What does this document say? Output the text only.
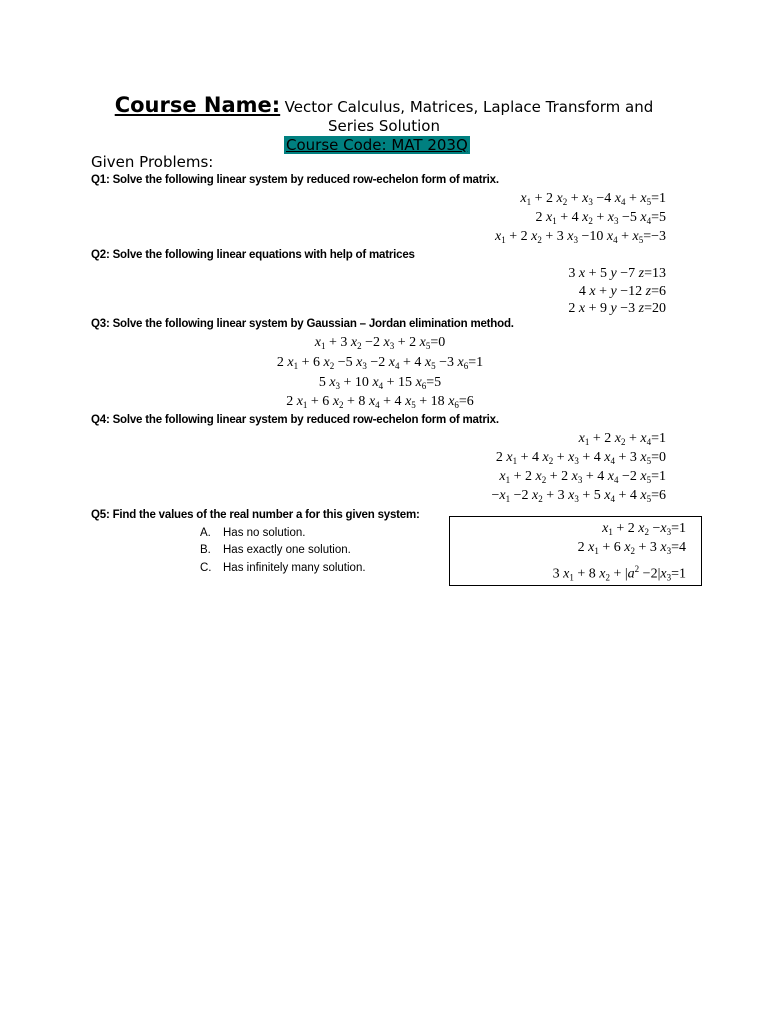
Course Name: Vector Calculus, Matrices, Laplace Transform and
Series Solution
Course Code: MAT 203Q
Given Problems:
Q1: Solve the following linear system by reduced row-echelon form of matrix.
$x_1 + 2$ $x_2 + x_3 -4$ $x_4 + x_5=1$
2 $x_1 + 4$ $x_2 + x_3 -5$ $x_4=5$
$x_1 + 2$ $x_2 + 3$ $x_3 -10$ $x_4 + x_5=-3$
Q2: Solve the following linear equations with help of matrices
3 x + 5 y −7 z=13
4 x + y −12 z=6
2 x + 9 y −3 z=20
Q3: Solve the following linear system by Gaussian – Jordan elimination method.
$x_1 + 3$ $x_2 -2$ $x_3 + 2$ $x_5=0$
2 $x_1 + 6$ $x_2 -5$ $x_3 -2$ $x_4 + 4$ $x_5 -3$ $x_6=1$
5 $x_3 + 10$ $x_4 + 15$ $x_6=5$
2 $x_1 + 6$ $x_2 + 8$ $x_4 + 4$ $x_5 + 18$ $x_6=6$
Q4: Solve the following linear system by reduced row-echelon form of matrix.
$x_1 + 2$ $x_2 + x_4=1$
2 $x_1 + 4$ $x_2 + x_3 + 4$ $x_4 + 3$ $x_5=0$
$x_1 + 2$ $x_2 + 2$ $x_3 + 4$ $x_4 -2$ $x_5=1$
$-x_1 -2$ $x_2 + 3$ $x_3 + 5$ $x_4 + 4$ $x_5=6$
Q5: Find the values of the real number a for this given system:
A. Has no solution.
B. Has exactly one solution.
C. Has infinitely many solution.
$x_1 + 2$ $x_2 -x_3=1$
2 $x_1 + 6$ $x_2 + 3$ $x_3=4$
3 $x_1 + 8$ $x_2 + |a^2 -2|x_3=1$
